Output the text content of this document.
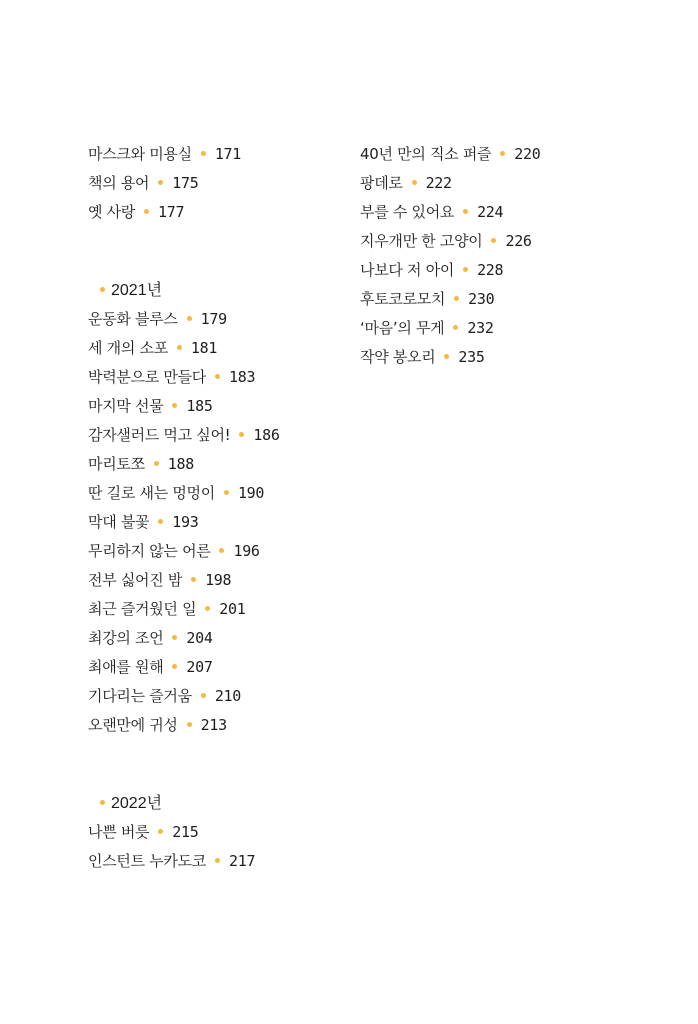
마스크와 미용실 171
책의 용어 175
옛 사랑 177
2021년
운동화 블루스 179
세 개의 소포 181
박력분으로 만들다 183
마지막 선물 185
감자샐러드 먹고 싶어! 186
마리토쪼 188
딴 길로 새는 멍멍이 190
막대 불꽃 193
무리하지 않는 어른 196
전부 싫어진 밤 198
최근 즐거웠던 일 201
최강의 조언 204
최애를 원해 207
기다리는 즐거움 210
오랜만에 귀성 213
2022년
나쁜 버릇 215
인스턴트 누카도코 217
40년 만의 직소 퍼즐 220
팡데로 222
부를 수 있어요 224
지우개만 한 고양이 226
나보다 저 아이 228
후토코로모치 230
‘마음’의 무게 232
작약 봉오리 235
